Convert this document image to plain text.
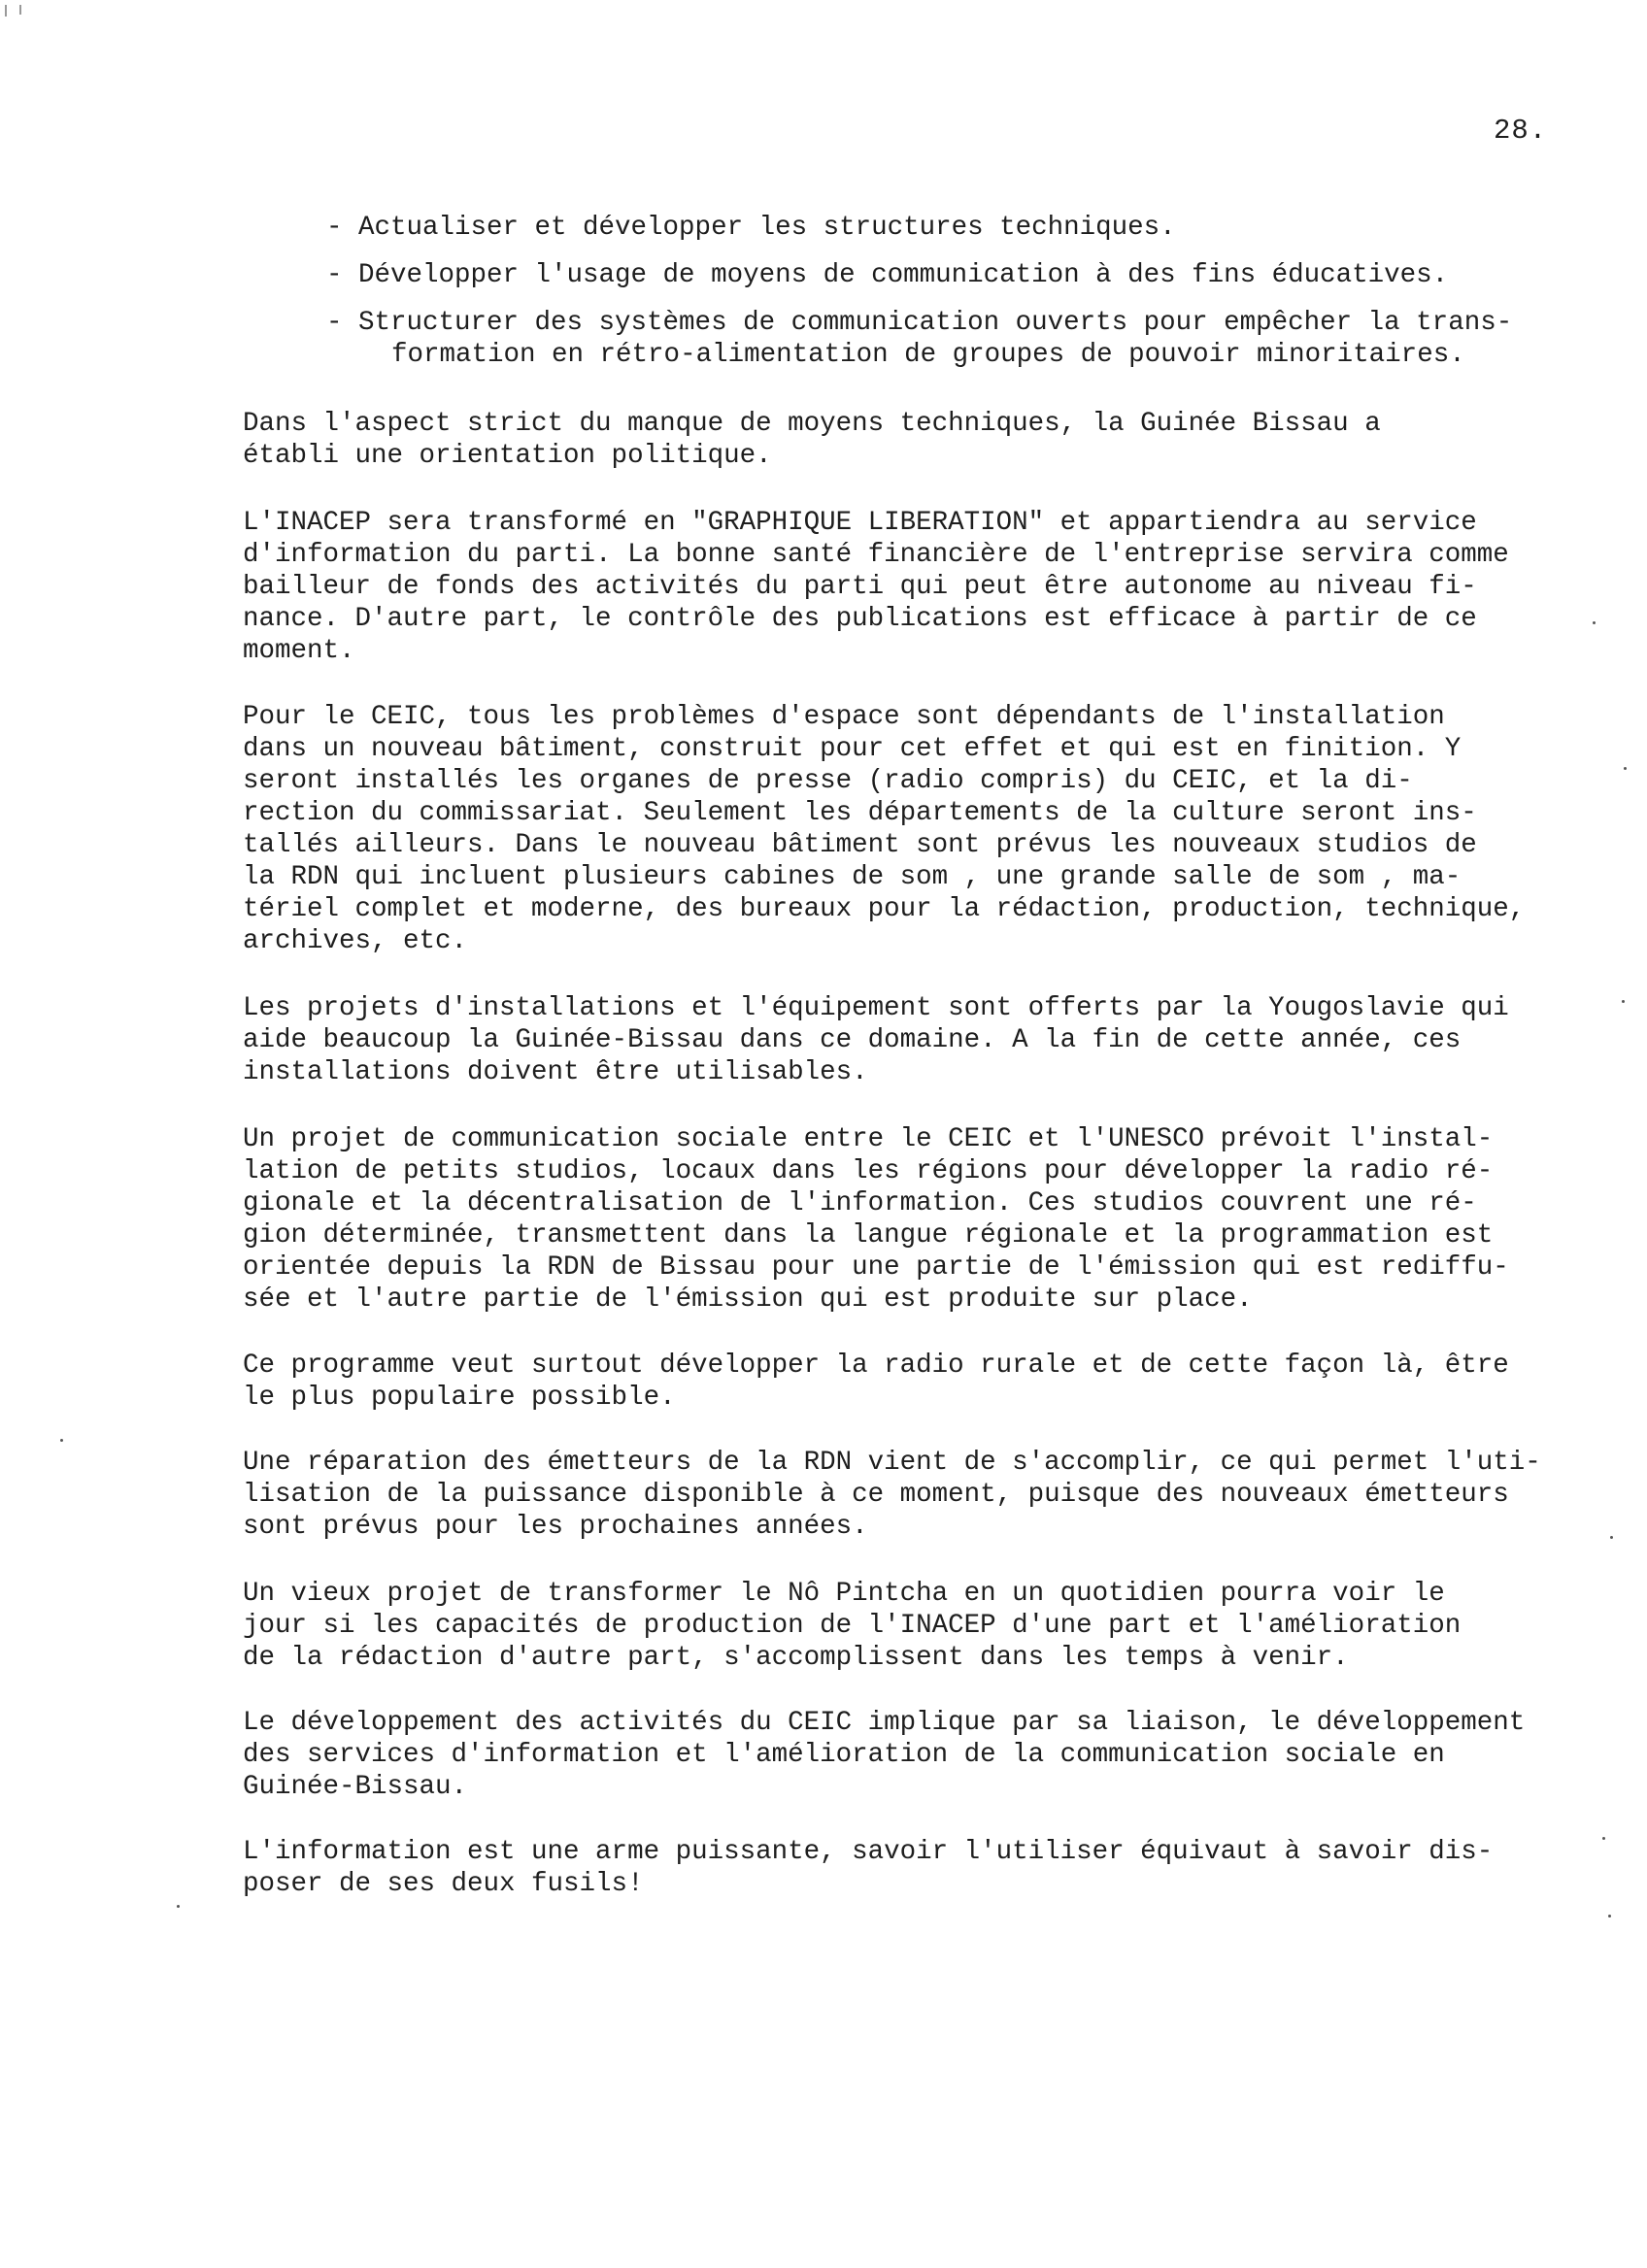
28.
- Actualiser et développer les structures techniques.
- Développer l'usage de moyens de communication à des fins éducatives.
- Structurer des systèmes de communication ouverts pour empêcher la trans-
formation en rétro-alimentation de groupes de pouvoir minoritaires.

Dans l'aspect strict du manque de moyens techniques, la Guinée Bissau a
établi une orientation politique.

L'INACEP sera transformé en "GRAPHIQUE LIBERATION" et appartiendra au service
d'information du parti. La bonne santé financière de l'entreprise servira comme
bailleur de fonds des activités du parti qui peut être autonome au niveau fi-
nance. D'autre part, le contrôle des publications est efficace à partir de ce
moment.

Pour le CEIC, tous les problèmes d'espace sont dépendants de l'installation
dans un nouveau bâtiment, construit pour cet effet et qui est en finition. Y
seront installés les organes de presse (radio compris) du CEIC, et la di-
rection du commissariat. Seulement les départements de la culture seront ins-
tallés ailleurs. Dans le nouveau bâtiment sont prévus les nouveaux studios de
la RDN qui incluent plusieurs cabines de som , une grande salle de som , ma-
tériel complet et moderne, des bureaux pour la rédaction, production, technique,
archives, etc.

Les projets d'installations et l'équipement sont offerts par la Yougoslavie qui
aide beaucoup la Guinée-Bissau dans ce domaine. A la fin de cette année, ces
installations doivent être utilisables.

Un projet de communication sociale entre le CEIC et l'UNESCO prévoit l'instal-
lation de petits studios, locaux dans les régions pour développer la radio ré-
gionale et la décentralisation de l'information. Ces studios couvrent une ré-
gion déterminée, transmettent dans la langue régionale et la programmation est
orientée depuis la RDN de Bissau pour une partie de l'émission qui est rediffu-
sée et l'autre partie de l'émission qui est produite sur place.

Ce programme veut surtout développer la radio rurale et de cette façon là, être
le plus populaire possible.

Une réparation des émetteurs de la RDN vient de s'accomplir, ce qui permet l'uti-
lisation de la puissance disponible à ce moment, puisque des nouveaux émetteurs
sont prévus pour les prochaines années.

Un vieux projet de transformer le Nô Pintcha en un quotidien pourra voir le
jour si les capacités de production de l'INACEP d'une part et l'amélioration
de la rédaction d'autre part, s'accomplissent dans les temps à venir.

Le développement des activités du CEIC implique par sa liaison, le développement
des services d'information et l'amélioration de la communication sociale en
Guinée-Bissau.

L'information est une arme puissante, savoir l'utiliser équivaut à savoir dis-
poser de ses deux fusils!
